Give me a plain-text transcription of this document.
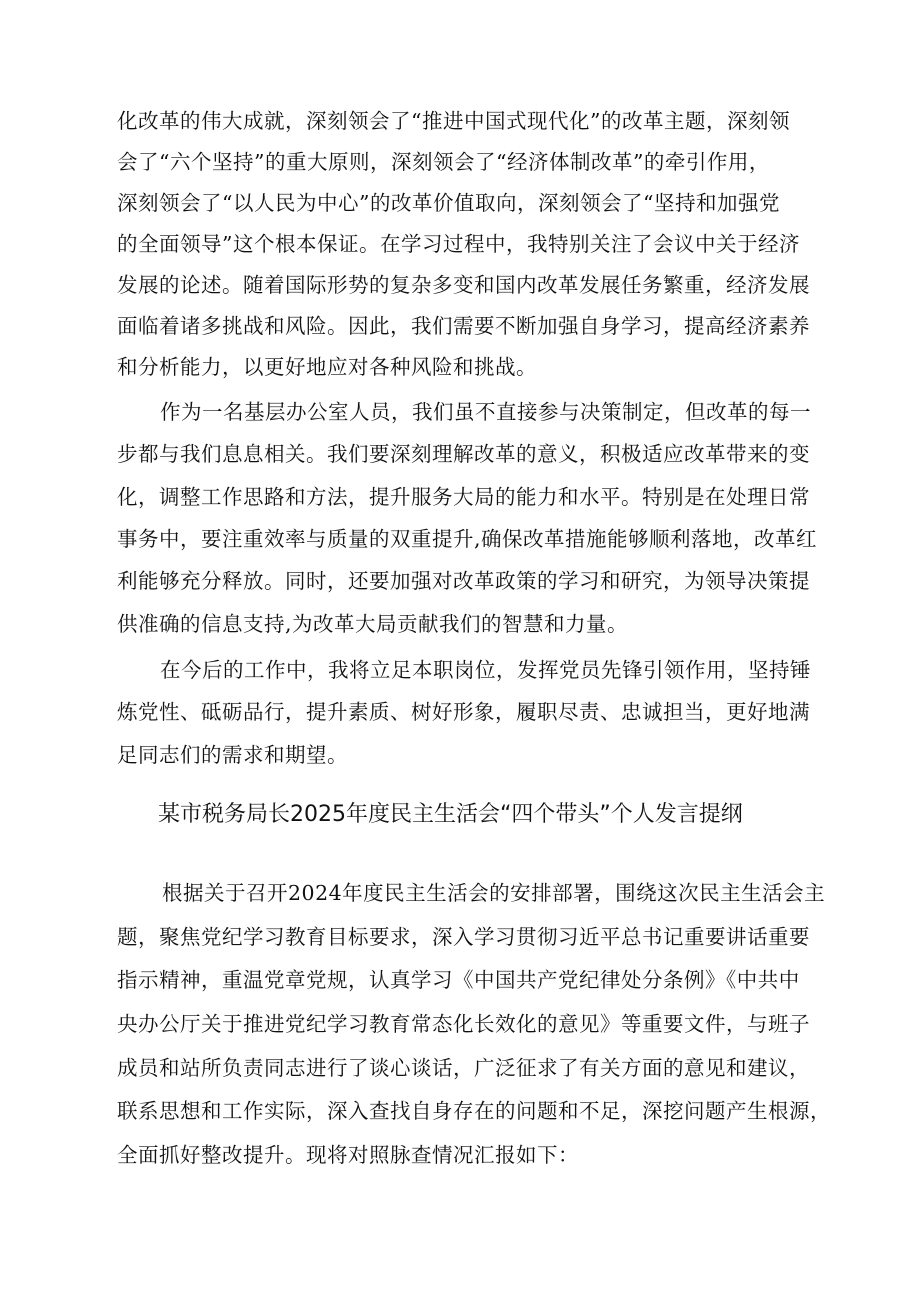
化改革的伟大成就，深刻领会了“推进中国式现代化”的改革主题，深刻领
会了“六个坚持”的重大原则，深刻领会了“经济体制改革”的牵引作用，
深刻领会了“以人民为中心”的改革价值取向，深刻领会了“坚持和加强党
的全面领导”这个根本保证。在学习过程中，我特别关注了会议中关于经济
发展的论述。随着国际形势的复杂多变和国内改革发展任务繁重，经济发展
面临着诸多挑战和风险。因此，我们需要不断加强自身学习，提高经济素养
和分析能力，以更好地应对各种风险和挑战。
作为一名基层办公室人员，我们虽不直接参与决策制定，但改革的每一
步都与我们息息相关。我们要深刻理解改革的意义，积极适应改革带来的变
化，调整工作思路和方法，提升服务大局的能力和水平。特别是在处理日常
事务中，要注重效率与质量的双重提升,确保改革措施能够顺利落地，改革红
利能够充分释放。同时，还要加强对改革政策的学习和研究，为领导决策提
供准确的信息支持,为改革大局贡献我们的智慧和力量。
在今后的工作中，我将立足本职岗位，发挥党员先锋引领作用，坚持锤
炼党性、砥砺品行，提升素质、树好形象，履职尽责、忠诚担当，更好地满
足同志们的需求和期望。
某市税务局长2025年度民主生活会“四个带头”个人发言提纲
根据关于召开2024年度民主生活会的安排部署，围绕这次民主生活会主
题，聚焦党纪学习教育目标要求，深入学习贯彻习近平总书记重要讲话重要
指示精神，重温党章党规，认真学习《中国共产党纪律处分条例》《中共中
央办公厅关于推进党纪学习教育常态化长效化的意见》等重要文件，与班子
成员和站所负责同志进行了谈心谈话，广泛征求了有关方面的意见和建议，
联系思想和工作实际，深入查找自身存在的问题和不足，深挖问题产生根源，
全面抓好整改提升。现将对照脉查情况汇报如下：
